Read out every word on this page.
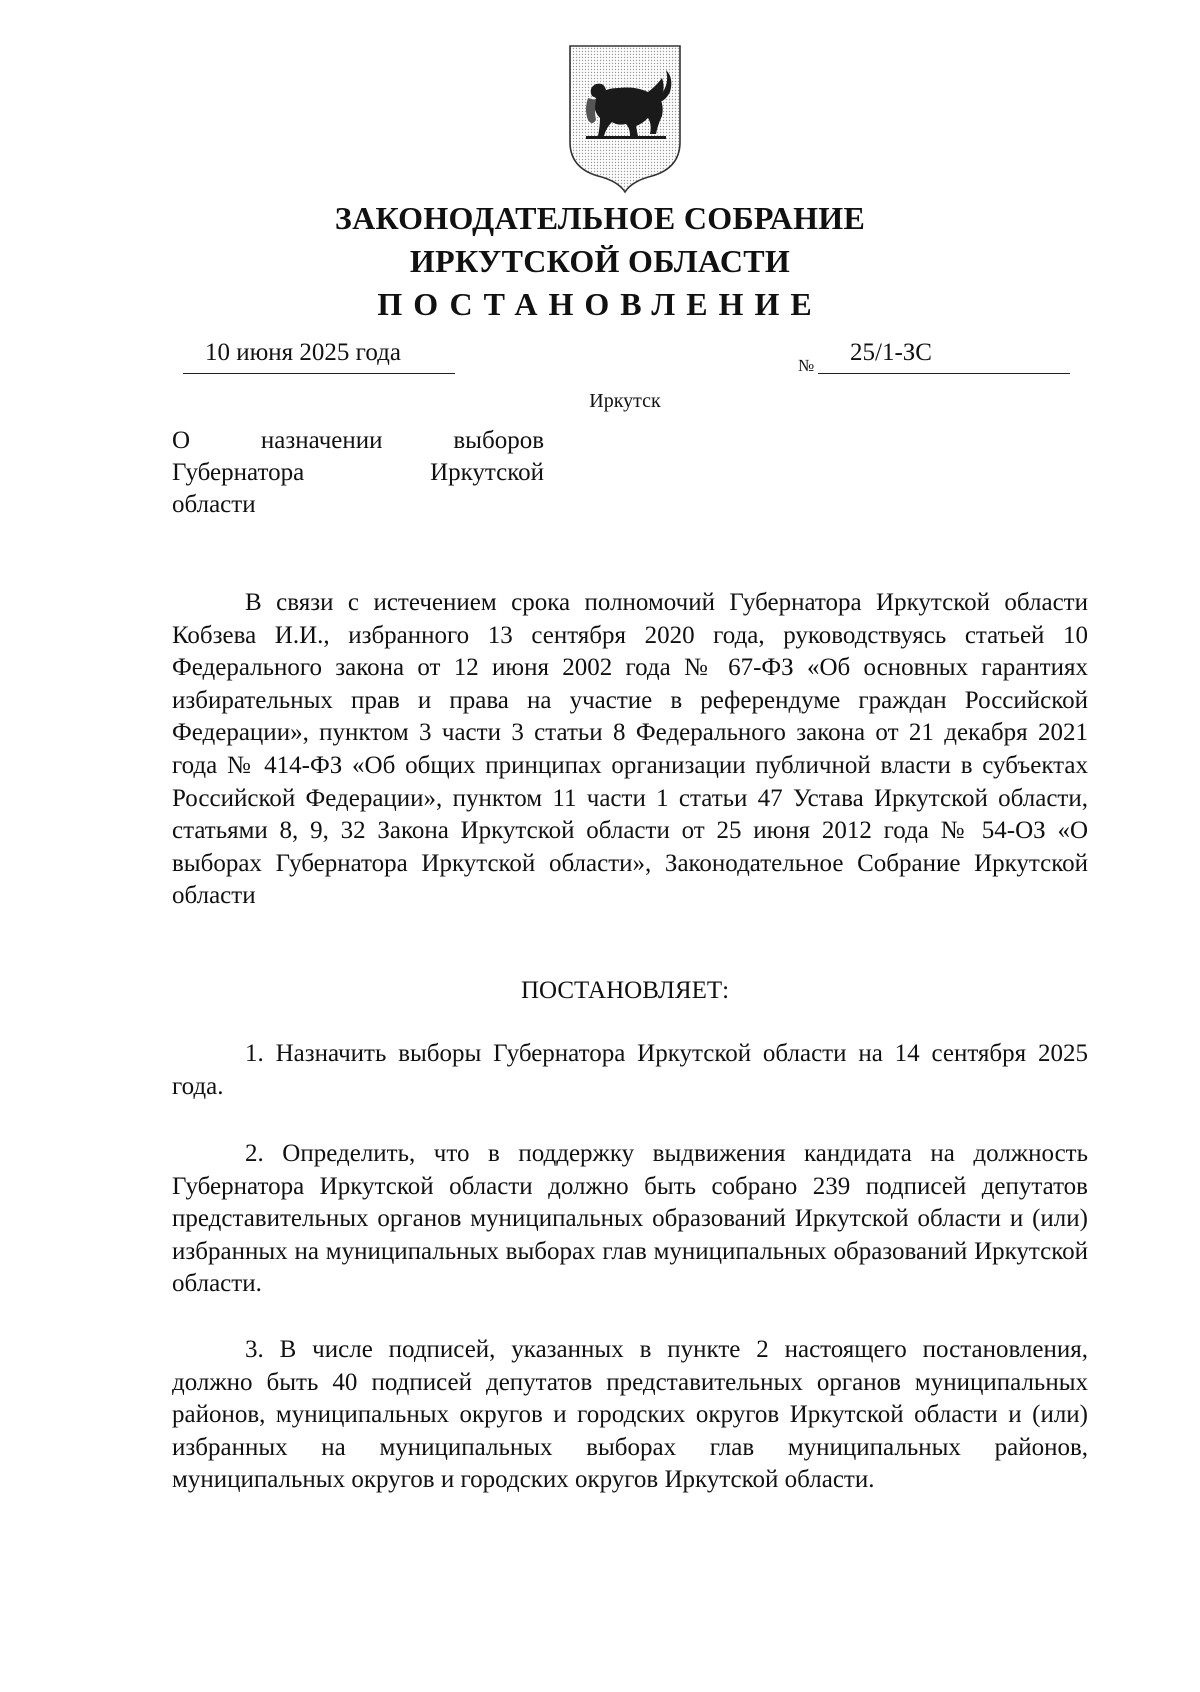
ЗАКОНОДАТЕЛЬНОЕ СОБРАНИЕ
ИРКУТСКОЙ ОБЛАСТИ
ПОСТАНОВЛЕНИЕ
10 июня 2025 года	№ 25/1-ЗС
Иркутск
О назначении выборов
Губернатора Иркутской
области

В связи с истечением срока полномочий Губернатора Иркутской области Кобзева И.И., избранного 13 сентября 2020 года, руководствуясь статьей 10 Федерального закона от 12 июня 2002 года № 67-ФЗ «Об основных гарантиях избирательных прав и права на участие в референдуме граждан Российской Федерации», пунктом 3 части 3 статьи 8 Федерального закона от 21 декабря 2021 года № 414-ФЗ «Об общих принципах организации публичной власти в субъектах Российской Федерации», пунктом 11 части 1 статьи 47 Устава Иркутской области, статьями 8, 9, 32 Закона Иркутской области от 25 июня 2012 года № 54-ОЗ «О выборах Губернатора Иркутской области», Законодательное Собрание Иркутской области

ПОСТАНОВЛЯЕТ:

1. Назначить выборы Губернатора Иркутской области на 14 сентября 2025 года.

2. Определить, что в поддержку выдвижения кандидата на должность Губернатора Иркутской области должно быть собрано 239 подписей депутатов представительных органов муниципальных образований Иркутской области и (или) избранных на муниципальных выборах глав муниципальных образований Иркутской области.

3. В числе подписей, указанных в пункте 2 настоящего постановления, должно быть 40 подписей депутатов представительных органов муниципальных районов, муниципальных округов и городских округов Иркутской области и (или) избранных на муниципальных выборах глав муниципальных районов, муниципальных округов и городских округов Иркутской области.
